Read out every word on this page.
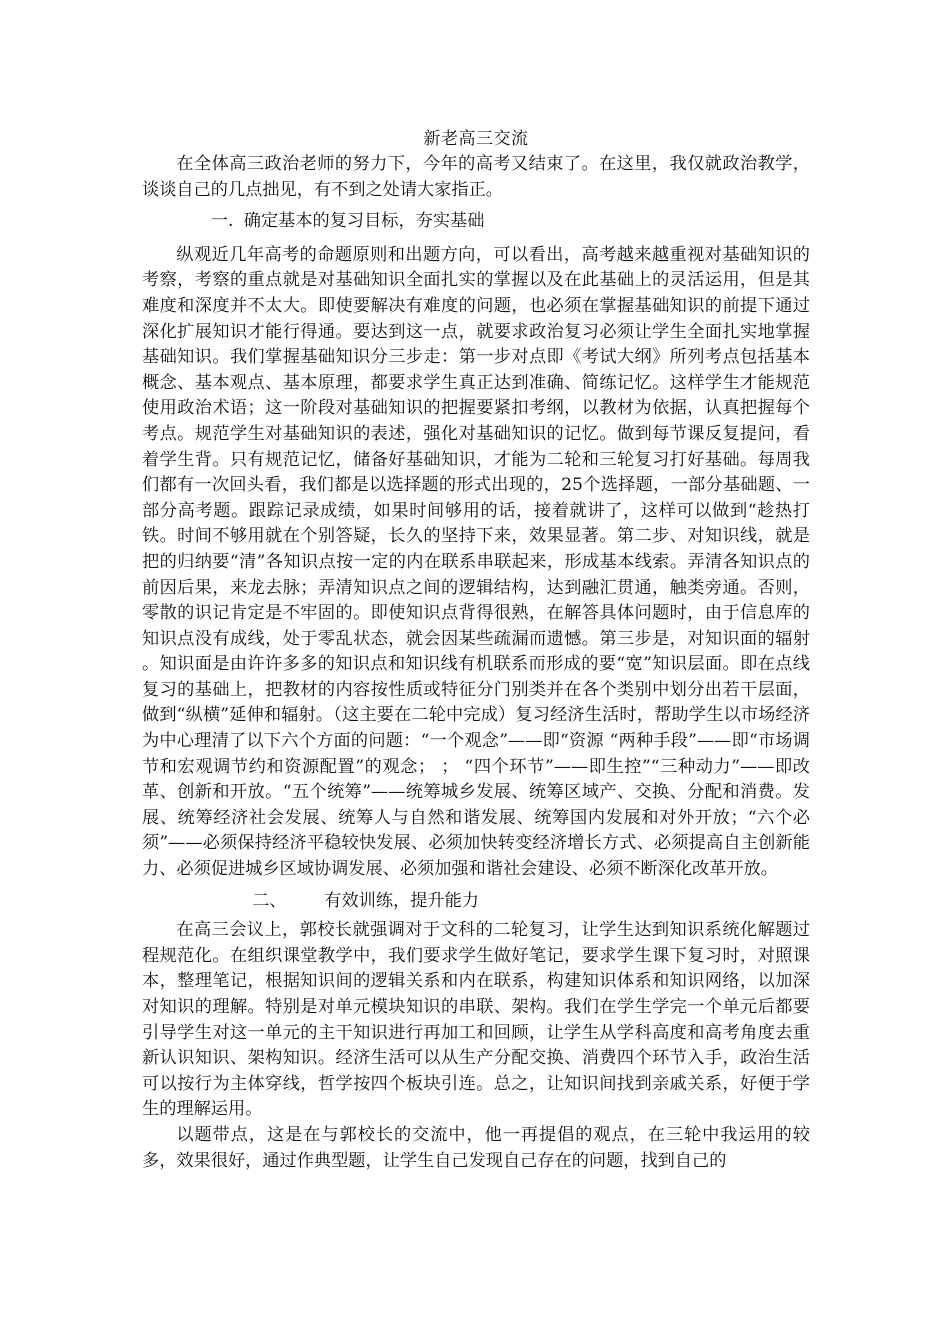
新老高三交流

在全体高三政治老师的努力下，今年的高考又结束了。在这里，我仅就政治教学，谈谈自己的几点拙见，有不到之处请大家指正。

一. 确定基本的复习目标，夯实基础

纵观近几年高考的命题原则和出题方向，可以看出，高考越来越重视对基础知识的考察，考察的重点就是对基础知识全面扎实的掌握以及在此基础上的灵活运用，但是其难度和深度并不太大。即使要解决有难度的问题，也必须在掌握基础知识的前提下通过深化扩展知识才能行得通。要达到这一点，就要求政治复习必须让学生全面扎实地掌握基础知识。我们掌握基础知识分三步走：第一步对点即《考试大纲》所列考点包括基本概念、基本观点、基本原理，都要求学生真正达到准确、简练记忆。这样学生才能规范使用政治术语；这一阶段对基础知识的把握要紧扣考纲，以教材为依据，认真把握每个考点。规范学生对基础知识的表述，强化对基础知识的记忆。做到每节课反复提问，看着学生背。只有规范记忆，储备好基础知识，才能为二轮和三轮复习打好基础。每周我们都有一次回头看，我们都是以选择题的形式出现的，25个选择题，一部分基础题、一部分高考题。跟踪记录成绩，如果时间够用的话，接着就讲了，这样可以做到“趁热打铁。时间不够用就在个别答疑，长久的坚持下来，效果显著。第二步、对知识线，就是把的归纳要“清”各知识点按一定的内在联系串联起来，形成基本线索。弄清各知识点的前因后果，来龙去脉；弄清知识点之间的逻辑结构，达到融汇贯通，触类旁通。否则，零散的识记肯定是不牢固的。即使知识点背得很熟，在解答具体问题时，由于信息库的知识点没有成线，处于零乱状态，就会因某些疏漏而遗憾。第三步是，对知识面的辐射 。知识面是由许许多多的知识点和知识线有机联系而形成的要“宽”知识层面。即在点线复习的基础上，把教材的内容按性质或特征分门别类并在各个类别中划分出若干层面，做到“纵横”延伸和辐射。（这主要在二轮中完成）复习经济生活时，帮助学生以市场经济为中心理清了以下六个方面的问题：“一个观念”——即“资源 “两种手段”——即“市场调节和宏观调节约和资源配置”的观念； ； “四个环节”——即生控”“三种动力”——即改革、创新和开放。“五个统筹”——统筹城乡发展、统筹区域产、交换、分配和消费。发展、统筹经济社会发展、统筹人与自然和谐发展、统筹国内发展和对外开放；“六个必须”——必须保持经济平稳较快发展、必须加快转变经济增长方式、必须提高自主创新能力、必须促进城乡区域协调发展、必须加强和谐社会建设、必须不断深化改革开放。

二、 有效训练，提升能力

在高三会议上，郭校长就强调对于文科的二轮复习，让学生达到知识系统化解题过程规范化。在组织课堂教学中，我们要求学生做好笔记，要求学生课下复习时，对照课本，整理笔记，根据知识间的逻辑关系和内在联系，构建知识体系和知识网络，以加深对知识的理解。特别是对单元模块知识的串联、架构。我们在学生学完一个单元后都要引导学生对这一单元的主干知识进行再加工和回顾，让学生从学科高度和高考角度去重新认识知识、架构知识。经济生活可以从生产分配交换、消费四个环节入手，政治生活可以按行为主体穿线，哲学按四个板块引连。总之，让知识间找到亲戚关系，好便于学生的理解运用。

以题带点，这是在与郭校长的交流中，他一再提倡的观点，在三轮中我运用的较多，效果很好，通过作典型题，让学生自己发现自己存在的问题，找到自己的
